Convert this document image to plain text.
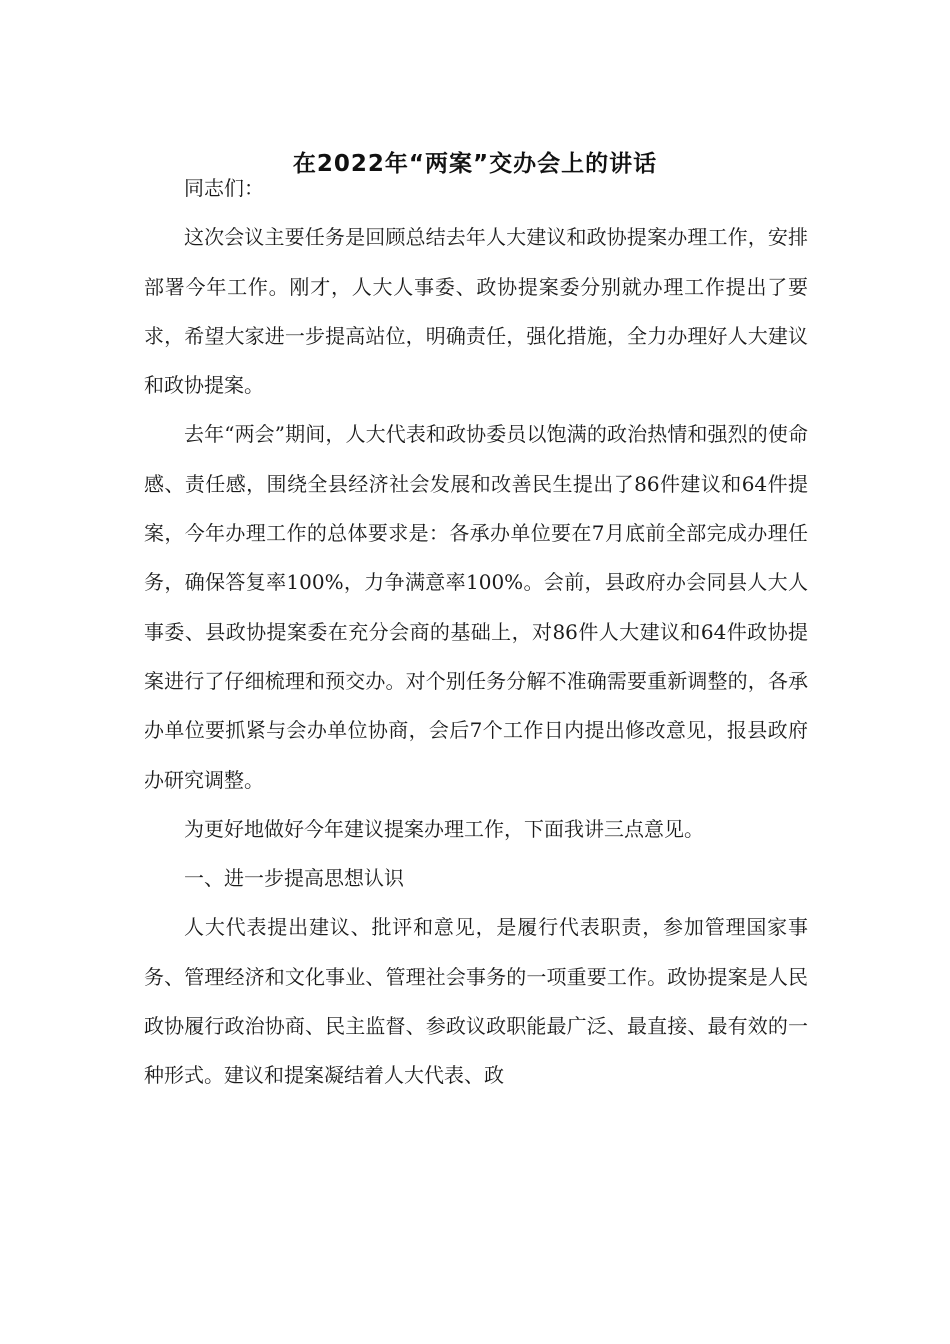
在2022年“两案”交办会上的讲话

同志们：

这次会议主要任务是回顾总结去年人大建议和政协提案办理工作，安排部署今年工作。刚才，人大人事委、政协提案委分别就办理工作提出了要求，希望大家进一步提高站位，明确责任，强化措施，全力办理好人大建议和政协提案。

去年“两会”期间，人大代表和政协委员以饱满的政治热情和强烈的使命感、责任感，围绕全县经济社会发展和改善民生提出了86件建议和64件提案，今年办理工作的总体要求是：各承办单位要在7月底前全部完成办理任务，确保答复率100%，力争满意率100%。会前，县政府办会同县人大人事委、县政协提案委在充分会商的基础上，对86件人大建议和64件政协提案进行了仔细梳理和预交办。对个别任务分解不准确需要重新调整的，各承办单位要抓紧与会办单位协商，会后7个工作日内提出修改意见，报县政府办研究调整。

为更好地做好今年建议提案办理工作，下面我讲三点意见。

一、进一步提高思想认识

人大代表提出建议、批评和意见，是履行代表职责，参加管理国家事务、管理经济和文化事业、管理社会事务的一项重要工作。政协提案是人民政协履行政治协商、民主监督、参政议政职能最广泛、最直接、最有效的一种形式。建议和提案凝结着人大代表、政
